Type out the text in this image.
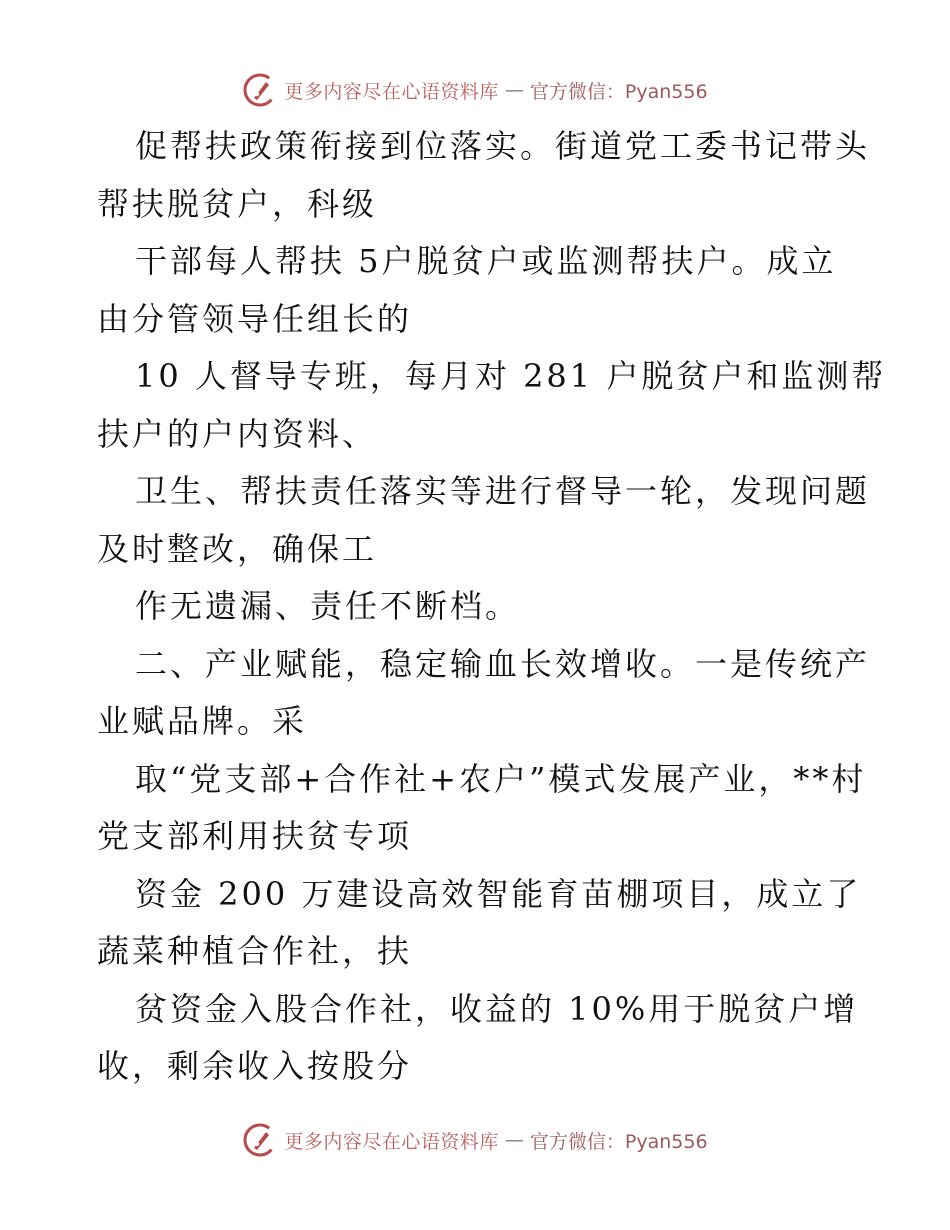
更多内容尽在心语资料库 — 官方微信：Pyan556
促帮扶政策衔接到位落实。街道党工委书记带头
帮扶脱贫户，科级
干部每人帮扶 5户脱贫户或监测帮扶户。成立
由分管领导任组长的
10 人督导专班，每月对 281 户脱贫户和监测帮
扶户的户内资料、
卫生、帮扶责任落实等进行督导一轮，发现问题
及时整改，确保工
作无遗漏、责任不断档。
二、产业赋能，稳定输血长效增收。一是传统产
业赋品牌。采
取“党支部+合作社+农户”模式发展产业，**村
党支部利用扶贫专项
资金 200 万建设高效智能育苗棚项目，成立了
蔬菜种植合作社，扶
贫资金入股合作社，收益的 10%用于脱贫户增
收，剩余收入按股分
更多内容尽在心语资料库 — 官方微信：Pyan556
